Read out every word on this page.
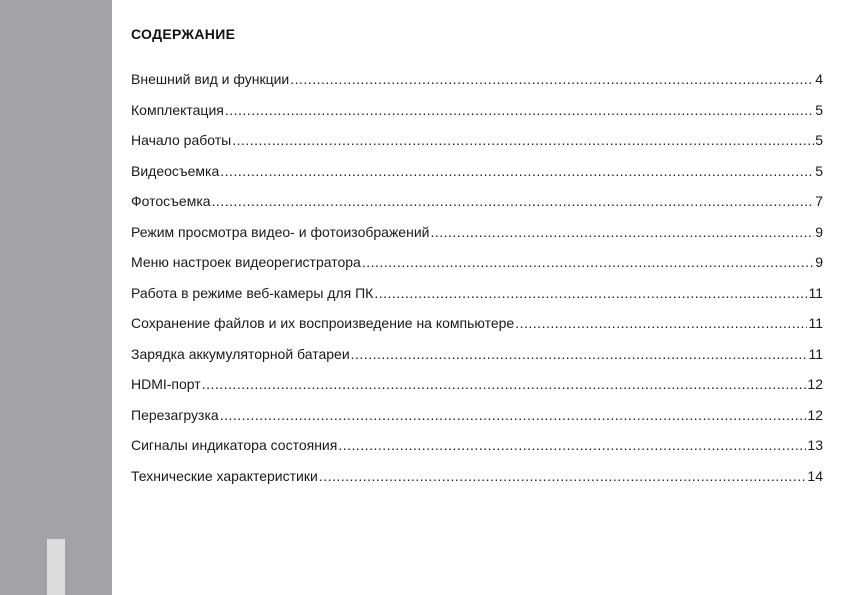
СОДЕРЖАНИЕ
Внешний вид и функции .....	4
Комплектация .....	5
Начало работы .....	5
Видеосъемка .....	5
Фотосъемка .....	7
Режим просмотра видео- и фотоизображений .....	9
Меню настроек видеорегистратора .....	9
Работа в режиме веб-камеры для ПК .....	11
Сохранение файлов и их воспроизведение на компьютере .....	11
Зарядка аккумуляторной батареи .....	11
HDMI-порт .....	12
Перезагрузка .....	12
Сигналы индикатора состояния .....	13
Технические характеристики .....	14
